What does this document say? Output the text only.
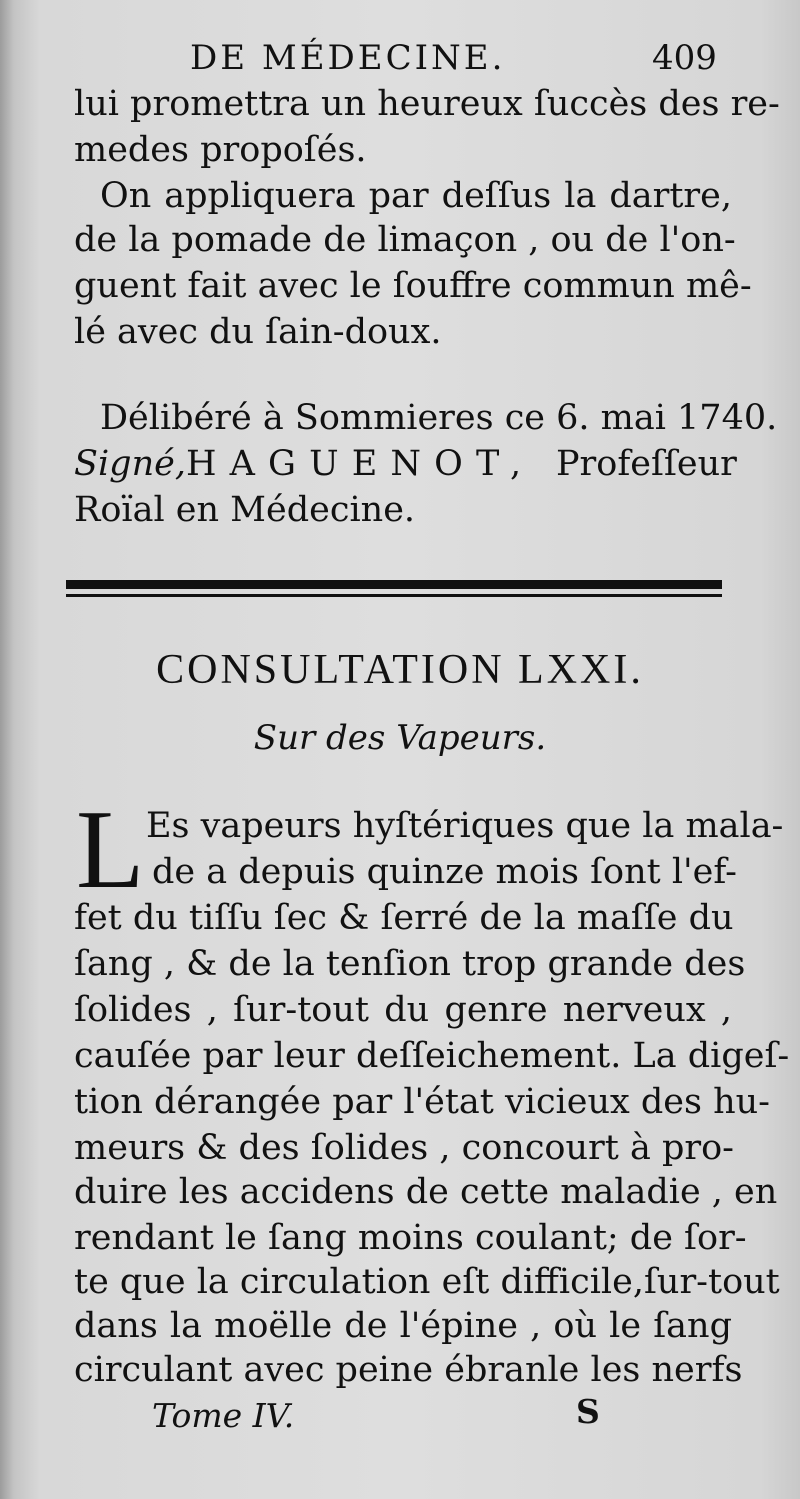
DE MÉDECINE.	409
lui promettra un heureux ſuccès des re-
medes propoſés.
On appliquera par deſſus la dartre,
de la pomade de limaçon , ou de l'on-
guent fait avec le ſouffre commun mê-
lé avec du ſain-doux.
Délibéré à Sommieres ce 6. mai 1740.
Signé, H A G U E N O T , Profeſſeur
Roïal en Médecine.
CONSULTATION LXXI.
Sur des Vapeurs.
L Es vapeurs hyſtériques que la mala-
de a depuis quinze mois ſont l'ef-
fet du tiſſu ſec & ſerré de la maſſe du
ſang , & de la tenſion trop grande des
ſolides , ſur-tout du genre nerveux ,
cauſée par leur deſſeichement. La digeſ-
tion dérangée par l'état vicieux des hu-
meurs & des ſolides , concourt à pro-
duire les accidens de cette maladie , en
rendant le ſang moins coulant; de ſor-
te que la circulation eſt difficile,ſur-tout
dans la moëlle de l'épine , où le ſang
circulant avec peine ébranle les nerfs
Tome IV.	S
